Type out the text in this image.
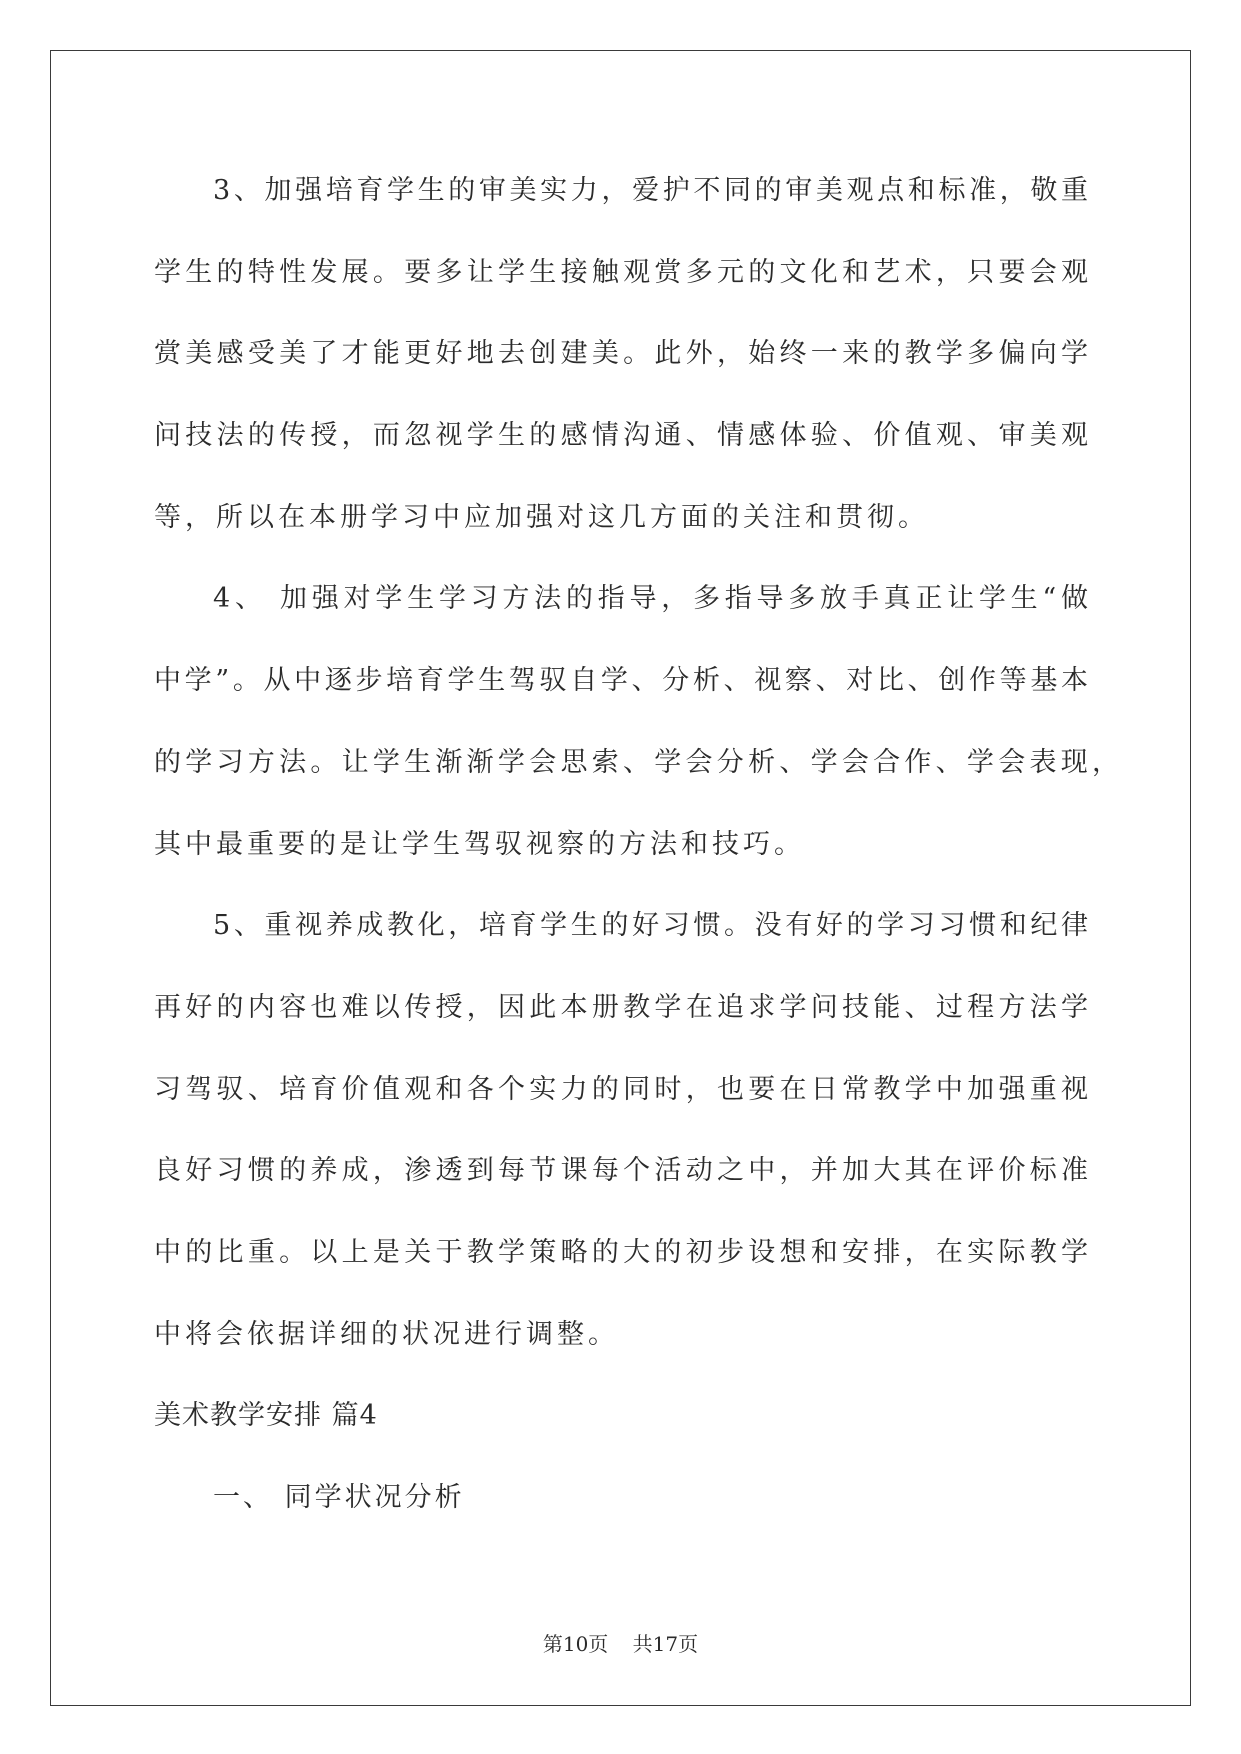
3、加强培育学生的审美实力，爱护不同的审美观点和标准，敬重
学生的特性发展。要多让学生接触观赏多元的文化和艺术，只要会观
赏美感受美了才能更好地去创建美。此外，始终一来的教学多偏向学
问技法的传授，而忽视学生的感情沟通、情感体验、价值观、审美观
等，所以在本册学习中应加强对这几方面的关注和贯彻。
4、 加强对学生学习方法的指导，多指导多放手真正让学生“做
中学”。从中逐步培育学生驾驭自学、分析、视察、对比、创作等基本
的学习方法。让学生渐渐学会思索、学会分析、学会合作、学会表现，
其中最重要的是让学生驾驭视察的方法和技巧。
5、重视养成教化，培育学生的好习惯。没有好的学习习惯和纪律
再好的内容也难以传授，因此本册教学在追求学问技能、过程方法学
习驾驭、培育价值观和各个实力的同时，也要在日常教学中加强重视
良好习惯的养成，渗透到每节课每个活动之中，并加大其在评价标准
中的比重。以上是关于教学策略的大的初步设想和安排，在实际教学
中将会依据详细的状况进行调整。
美术教学安排 篇4
一、 同学状况分析
第10页 共17页
